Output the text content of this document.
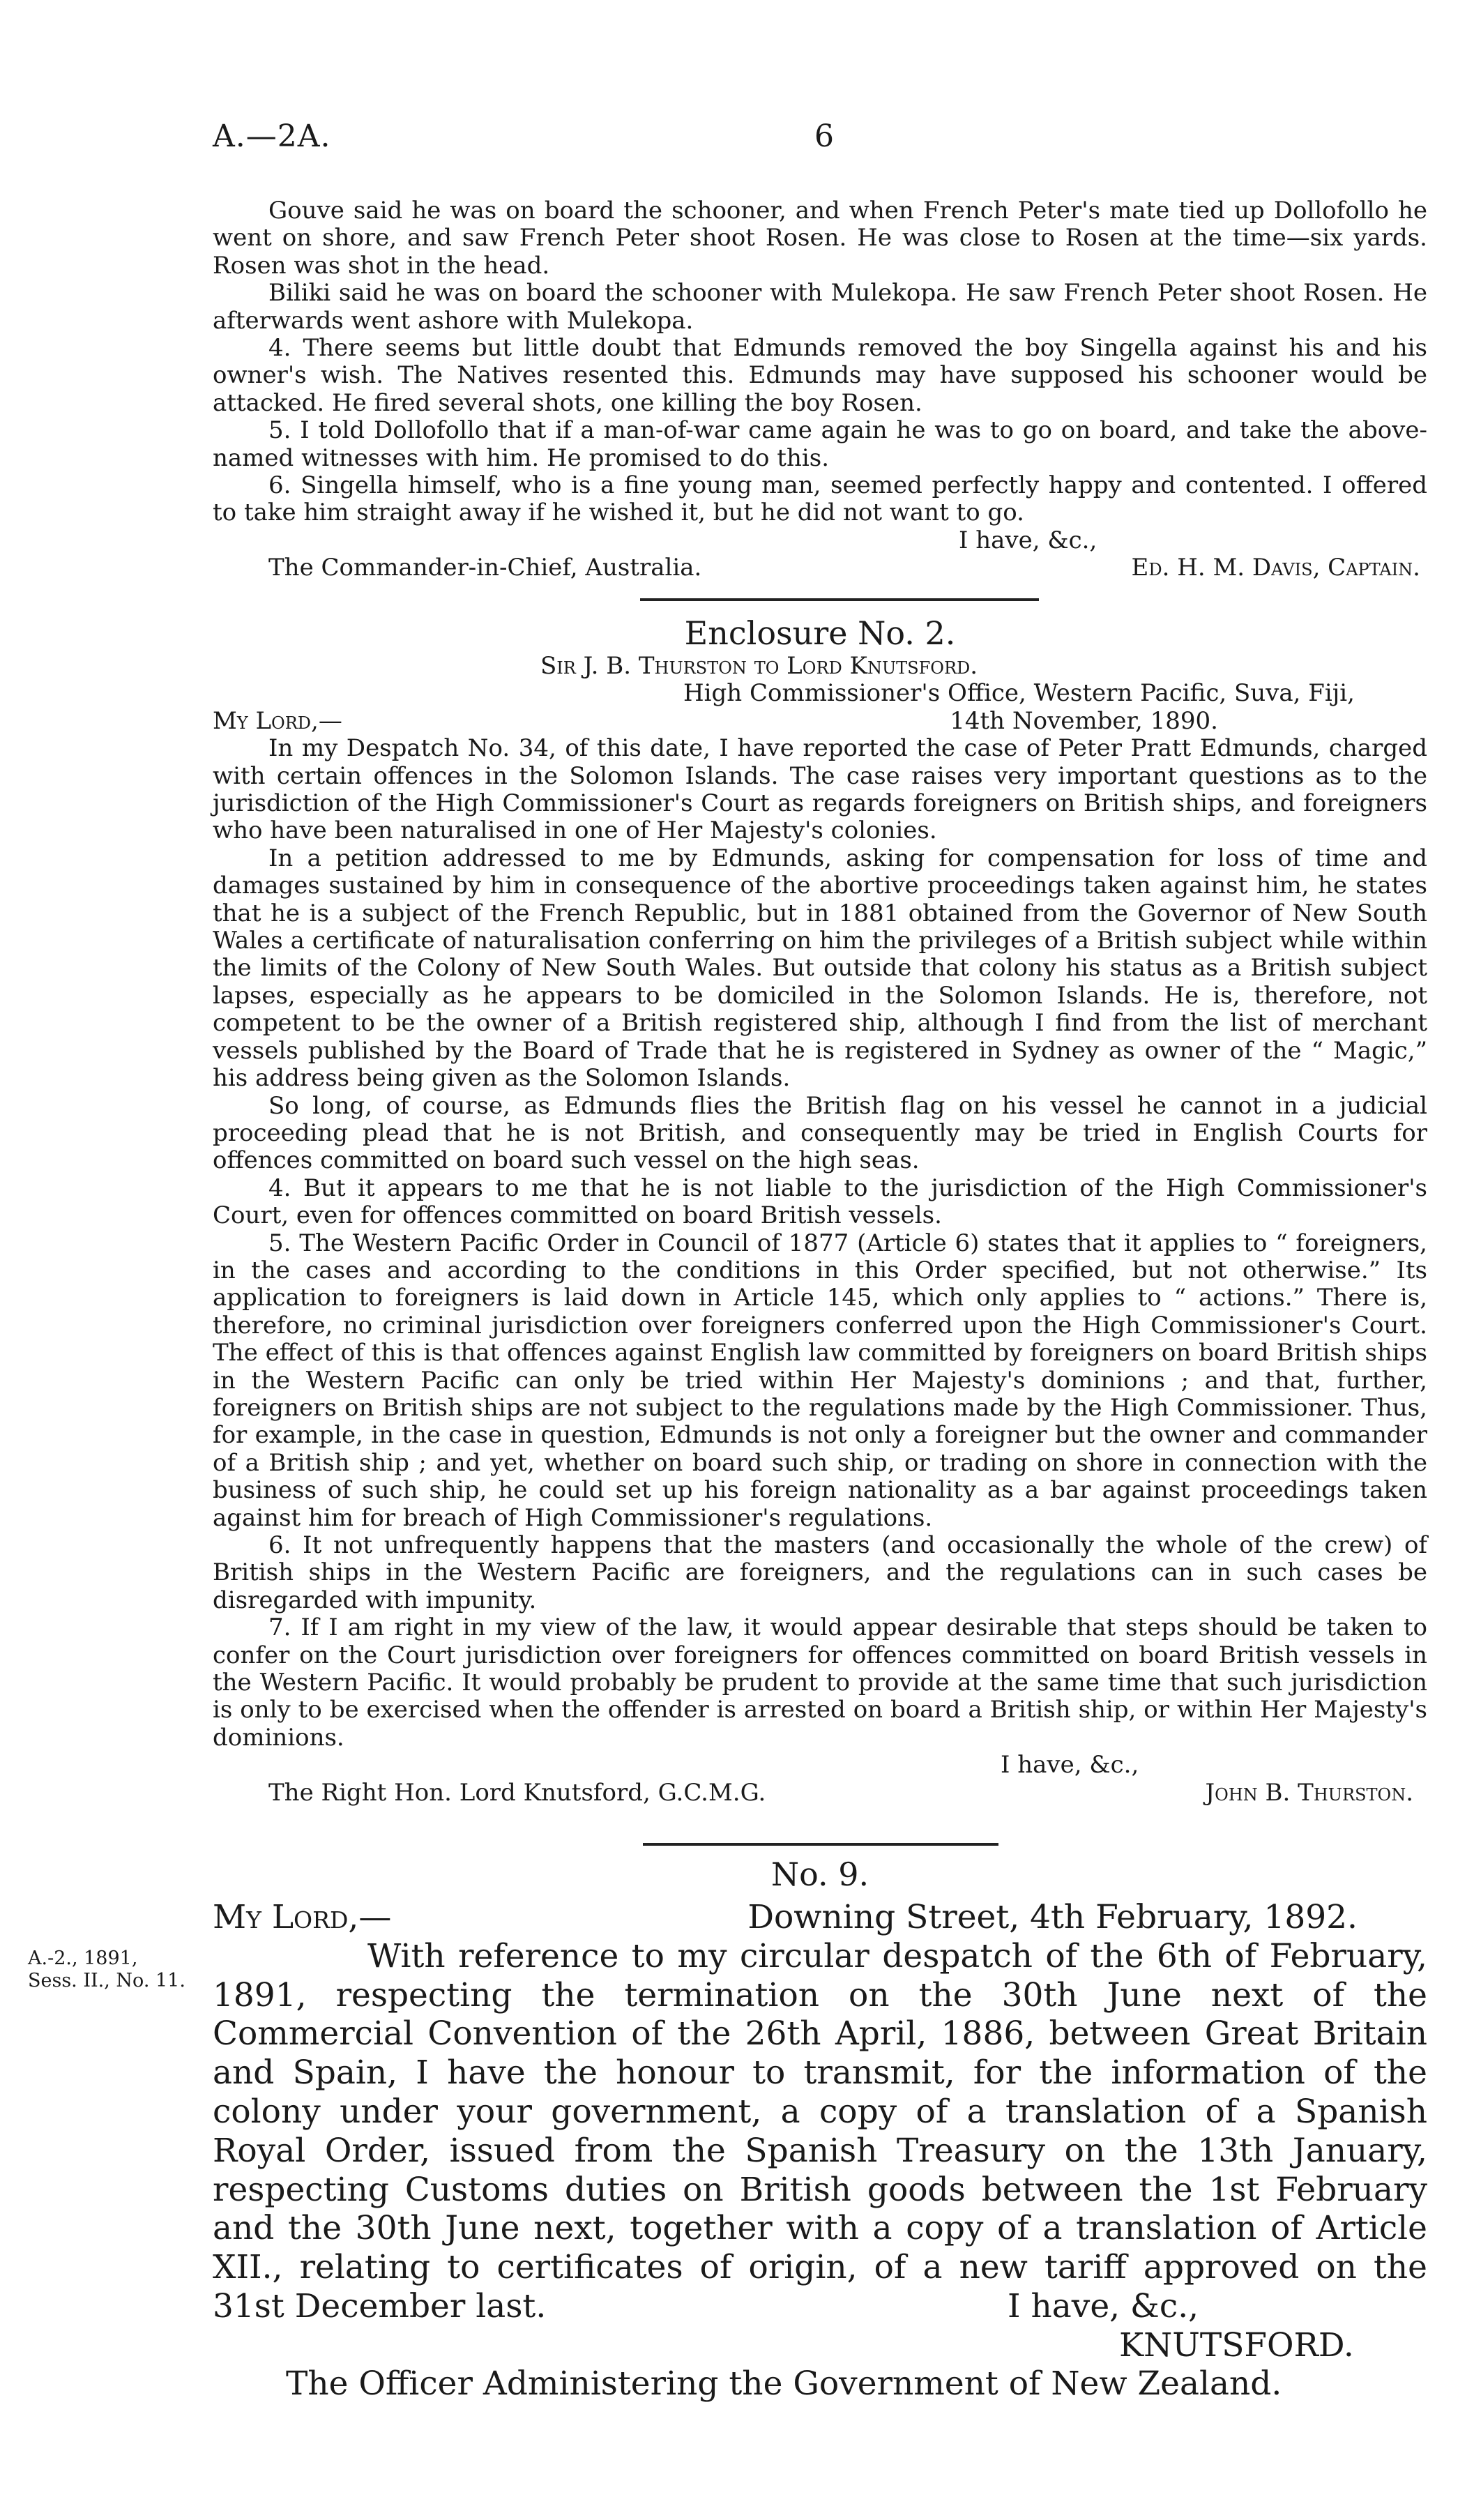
A.—2A.	6

Gouve said he was on board the schooner, and when French Peter's mate tied up Dollofollo he went on shore, and saw French Peter shoot Rosen. He was close to Rosen at the time—six yards. Rosen was shot in the head.

Biliki said he was on board the schooner with Mulekopa. He saw French Peter shoot Rosen. He afterwards went ashore with Mulekopa.

4. There seems but little doubt that Edmunds removed the boy Singella against his and his owner's wish. The Natives resented this. Edmunds may have supposed his schooner would be attacked. He fired several shots, one killing the boy Rosen.

5. I told Dollofollo that if a man-of-war came again he was to go on board, and take the above-named witnesses with him. He promised to do this.

6. Singella himself, who is a fine young man, seemed perfectly happy and contented. I offered to take him straight away if he wished it, but he did not want to go.

I have, &c.,
The Commander-in-Chief, Australia.	Ed. H. M. Davis, Captain.
Enclosure No. 2.
Sir J. B. Thurston to Lord Knutsford.
High Commissioner's Office, Western Pacific, Suva, Fiji,
My Lord,—	14th November, 1890.

In my Despatch No. 34, of this date, I have reported the case of Peter Pratt Edmunds, charged with certain offences in the Solomon Islands. The case raises very important questions as to the jurisdiction of the High Commissioner's Court as regards foreigners on British ships, and foreigners who have been naturalised in one of Her Majesty's colonies.

In a petition addressed to me by Edmunds, asking for compensation for loss of time and damages sustained by him in consequence of the abortive proceedings taken against him, he states that he is a subject of the French Republic, but in 1881 obtained from the Governor of New South Wales a certificate of naturalisation conferring on him the privileges of a British subject while within the limits of the Colony of New South Wales. But outside that colony his status as a British subject lapses, especially as he appears to be domiciled in the Solomon Islands. He is, therefore, not competent to be the owner of a British registered ship, although I find from the list of merchant vessels published by the Board of Trade that he is registered in Sydney as owner of the “ Magic,” his address being given as the Solomon Islands.

So long, of course, as Edmunds flies the British flag on his vessel he cannot in a judicial proceeding plead that he is not British, and consequently may be tried in English Courts for offences committed on board such vessel on the high seas.

4. But it appears to me that he is not liable to the jurisdiction of the High Commissioner's Court, even for offences committed on board British vessels.

5. The Western Pacific Order in Council of 1877 (Article 6) states that it applies to “ foreigners, in the cases and according to the conditions in this Order specified, but not otherwise.” Its application to foreigners is laid down in Article 145, which only applies to “ actions.” There is, therefore, no criminal jurisdiction over foreigners conferred upon the High Commissioner's Court. The effect of this is that offences against English law committed by foreigners on board British ships in the Western Pacific can only be tried within Her Majesty's dominions ; and that, further, foreigners on British ships are not subject to the regulations made by the High Commissioner. Thus, for example, in the case in question, Edmunds is not only a foreigner but the owner and commander of a British ship ; and yet, whether on board such ship, or trading on shore in connection with the business of such ship, he could set up his foreign nationality as a bar against proceedings taken against him for breach of High Commissioner's regulations.

6. It not unfrequently happens that the masters (and occasionally the whole of the crew) of British ships in the Western Pacific are foreigners, and the regulations can in such cases be disregarded with impunity.

7. If I am right in my view of the law, it would appear desirable that steps should be taken to confer on the Court jurisdiction over foreigners for offences committed on board British vessels in the Western Pacific. It would probably be prudent to provide at the same time that such jurisdiction is only to be exercised when the offender is arrested on board a British ship, or within Her Majesty's dominions.

I have, &c.,
The Right Hon. Lord Knutsford, G.C.M.G.	John B. Thurston.
No. 9.
A.-2., 1891,
Sess. II., No. 11.
My Lord,—	Downing Street, 4th February, 1892.

With reference to my circular despatch of the 6th of February, 1891, respecting the termination on the 30th June next of the Commercial Convention of the 26th April, 1886, between Great Britain and Spain, I have the honour to transmit, for the information of the colony under your government, a copy of a translation of a Spanish Royal Order, issued from the Spanish Treasury on the 13th January, respecting Customs duties on British goods between the 1st February and the 30th June next, together with a copy of a translation of Article XII., relating to certificates of origin, of a new tariff approved on the 31st December last.	I have, &c.,
KNUTSFORD.
The Officer Administering the Government of New Zealand.
